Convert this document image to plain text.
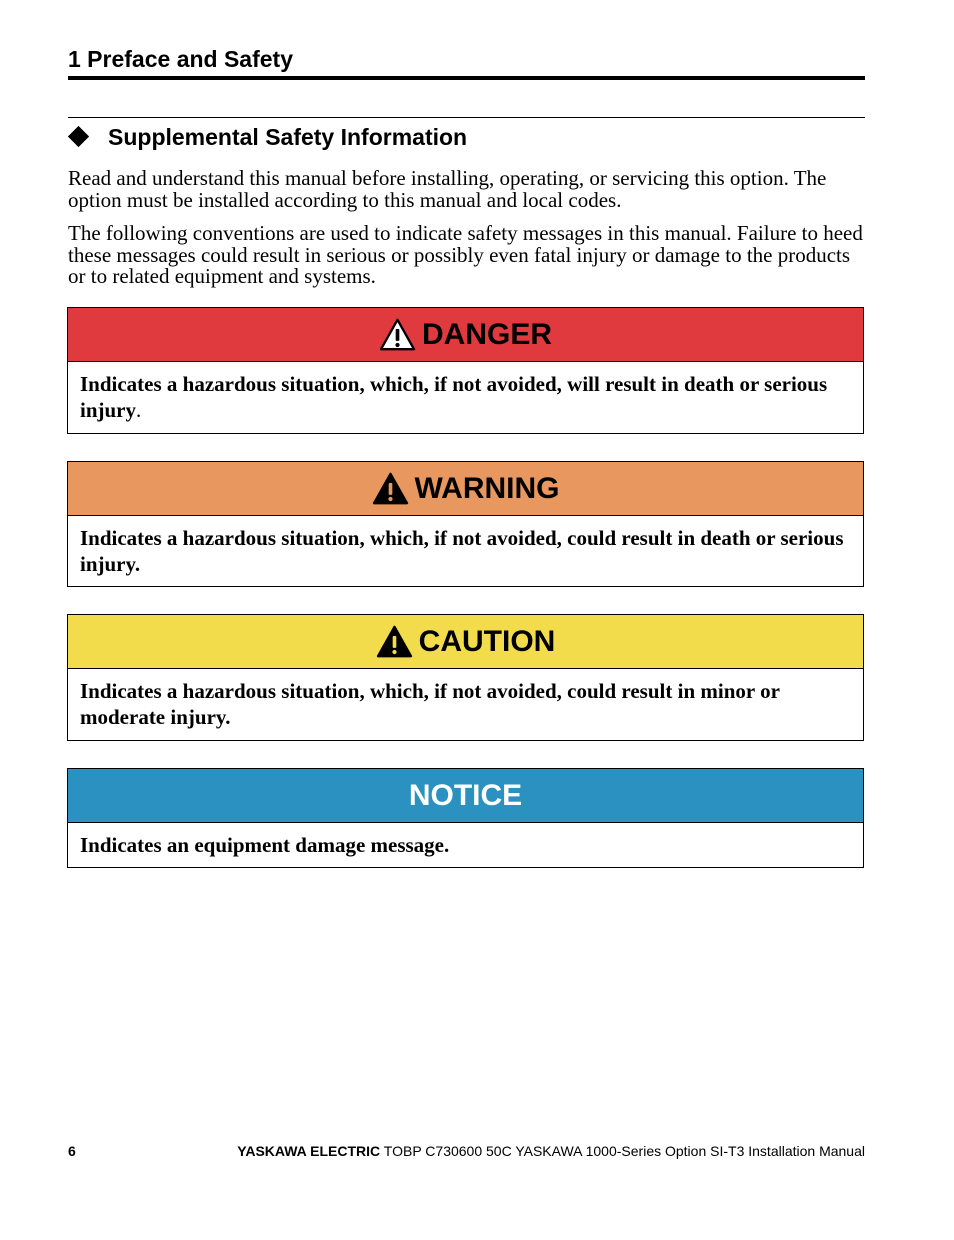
1 Preface and Safety
Supplemental Safety Information

Read and understand this manual before installing, operating, or servicing this option. The option must be installed according to this manual and local codes.

The following conventions are used to indicate safety messages in this manual. Failure to heed these messages could result in serious or possibly even fatal injury or damage to the products or to related equipment and systems.

DANGER
Indicates a hazardous situation, which, if not avoided, will result in death or serious injury.
WARNING
Indicates a hazardous situation, which, if not avoided, could result in death or serious injury.
CAUTION
Indicates a hazardous situation, which, if not avoided, could result in minor or moderate injury.
NOTICE
Indicates an equipment damage message.
6	YASKAWA ELECTRIC TOBP C730600 50C YASKAWA 1000-Series Option SI-T3 Installation Manual
